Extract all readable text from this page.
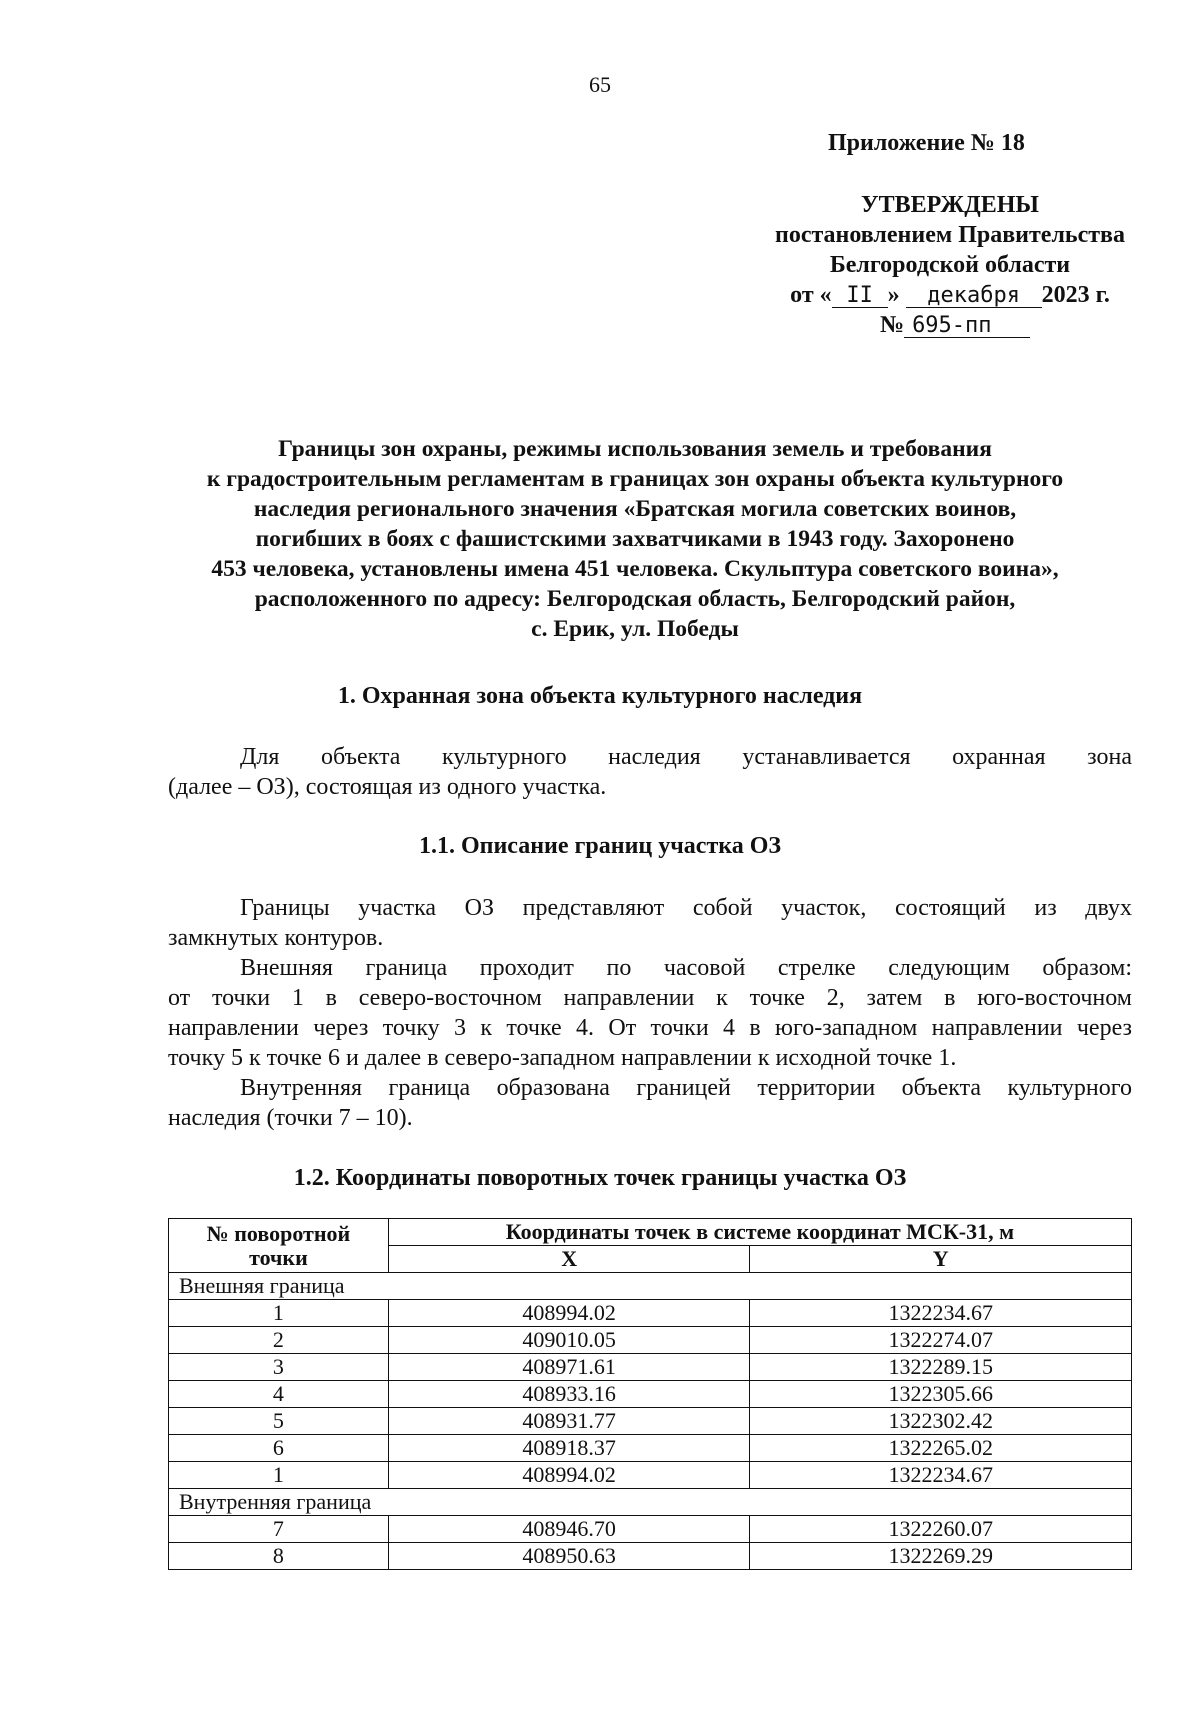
65
Приложение № 18
УТВЕРЖДЕНЫ
постановлением Правительства
Белгородской области
от « II » декабря 2023 г.
№ 695-пп
Границы зон охраны, режимы использования земель и требования
к градостроительным регламентам в границах зон охраны объекта культурного
наследия регионального значения «Братская могила советских воинов,
погибших в боях с фашистскими захватчиками в 1943 году. Захоронено
453 человека, установлены имена 451 человека. Скульптура советского воина»,
расположенного по адресу: Белгородская область, Белгородский район,
с. Ерик, ул. Победы
1. Охранная зона объекта культурного наследия

Для объекта культурного наследия устанавливается охранная зона

(далее – ОЗ), состоящая из одного участка.

1.1. Описание границ участка ОЗ

Границы участка ОЗ представляют собой участок, состоящий из двух

замкнутых контуров.

Внешняя граница проходит по часовой стрелке следующим образом:

от точки 1 в северо-восточном направлении к точке 2, затем в юго-восточном

направлении через точку 3 к точке 4. От точки 4 в юго-западном направлении через

точку 5 к точке 6 и далее в северо-западном направлении к исходной точке 1.

Внутренняя граница образована границей территории объекта культурного

наследия (точки 7 – 10).

1.2. Координаты поворотных точек границы участка ОЗ
№ поворотной точки	Координаты точек в системе координат МСК-31, м	
	X	Y
Внешняя граница		
1	408994.02	1322234.67
2	409010.05	1322274.07
3	408971.61	1322289.15
4	408933.16	1322305.66
5	408931.77	1322302.42
6	408918.37	1322265.02
1	408994.02	1322234.67
Внутренняя граница		
7	408946.70	1322260.07
8	408950.63	1322269.29
